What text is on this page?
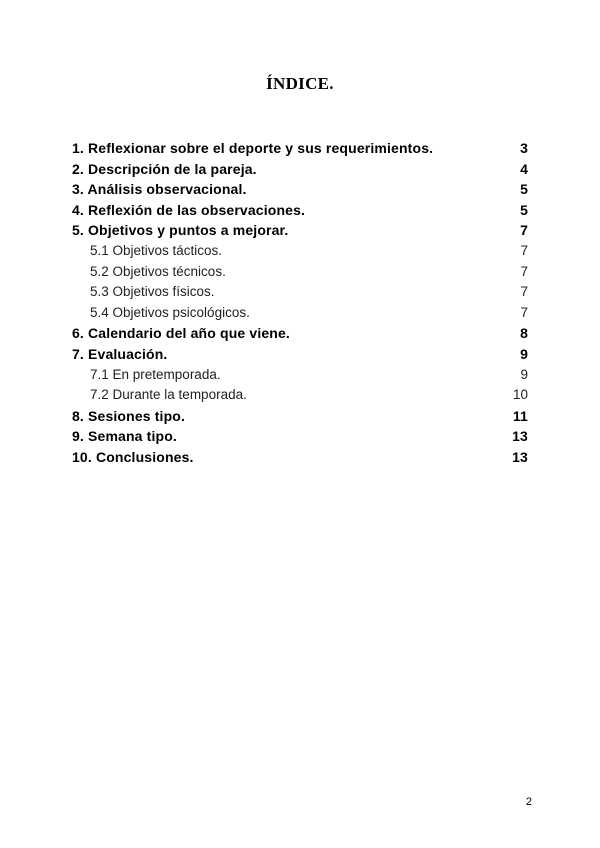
ÍNDICE.
1. Reflexionar sobre el deporte y sus requerimientos.	3
2. Descripción de la pareja.	4
3. Análisis observacional.	5
4. Reflexión de las observaciones.	5
5. Objetivos y puntos a mejorar.	7
5.1 Objetivos tácticos.	7
5.2 Objetivos técnicos.	7
5.3 Objetivos físicos.	7
5.4 Objetivos psicológicos.	7
6. Calendario del año que viene.	8
7. Evaluación.	9
7.1 En pretemporada.	9
7.2 Durante la temporada.	10
8. Sesiones tipo.	11
9. Semana tipo.	13
10. Conclusiones.	13
2
